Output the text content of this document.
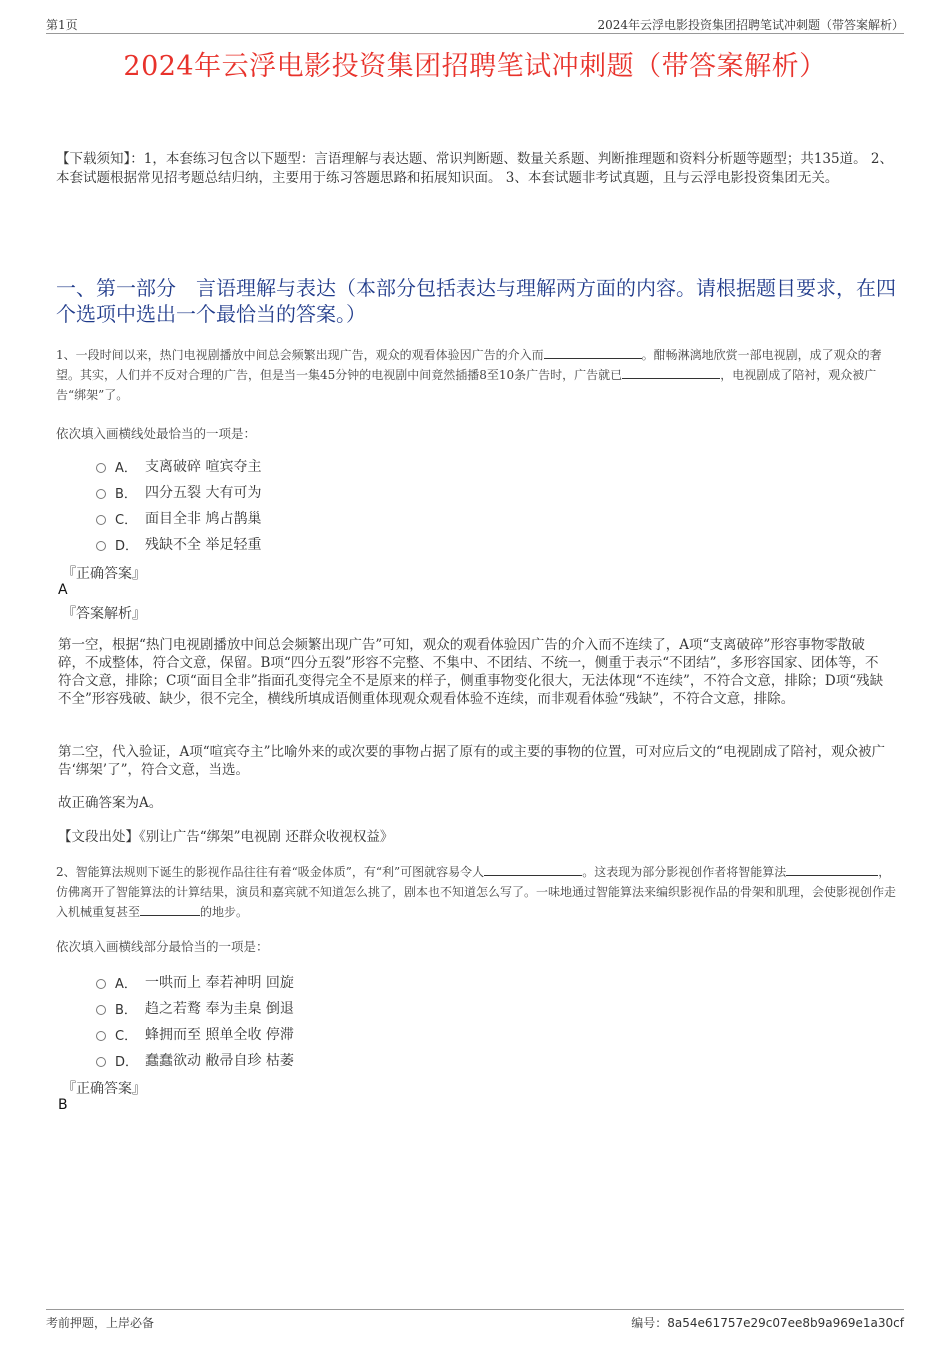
第1页	2024年云浮电影投资集团招聘笔试冲刺题（带答案解析）
2024年云浮电影投资集团招聘笔试冲刺题（带答案解析）
【下载须知】：1，本套练习包含以下题型：言语理解与表达题、常识判断题、数量关系题、判断推理题和资料分析题等题型；共135道。 2、本套试题根据常见招考题总结归纳，主要用于练习答题思路和拓展知识面。 3、本套试题非考试真题，且与云浮电影投资集团无关。
一、第一部分　言语理解与表达（本部分包括表达与理解两方面的内容。请根据题目要求，在四个选项中选出一个最恰当的答案。）
1、一段时间以来，热门电视剧播放中间总会频繁出现广告，观众的观看体验因广告的介入而	。酣畅淋漓地欣赏一部电视剧，成了观众的奢望。其实，人们并不反对合理的广告，但是当一集45分钟的电视剧中间竟然插播8至10条广告时，广告就已	，电视剧成了陪衬，观众被广告“绑架”了。
依次填入画横线处最恰当的一项是：
A． 支离破碎 喧宾夺主
B． 四分五裂 大有可为
C． 面目全非 鸠占鹊巢
D． 残缺不全 举足轻重
『正确答案』
A
『答案解析』
第一空，根据“热门电视剧播放中间总会频繁出现广告”可知，观众的观看体验因广告的介入而不连续了，A项“支离破碎”形容事物零散破碎，不成整体，符合文意，保留。B项“四分五裂”形容不完整、不集中、不团结、不统一，侧重于表示“不团结”，多形容国家、团体等，不符合文意，排除；C项“面目全非”指面孔变得完全不是原来的样子，侧重事物变化很大，无法体现“不连续”，不符合文意，排除；D项“残缺不全”形容残破、缺少，很不完全，横线所填成语侧重体现观众观看体验不连续，而非观看体验“残缺”，不符合文意，排除。
第二空，代入验证，A项“喧宾夺主”比喻外来的或次要的事物占据了原有的或主要的事物的位置，可对应后文的“电视剧成了陪衬，观众被广告‘绑架’了”，符合文意，当选。
故正确答案为A。
【文段出处】《别让广告“绑架”电视剧 还群众收视权益》
2、智能算法规则下诞生的影视作品往往有着“吸金体质”，有“利”可图就容易令人	。这表现为部分影视创作者将智能算法	，仿佛离开了智能算法的计算结果，演员和嘉宾就不知道怎么挑了，剧本也不知道怎么写了。一味地通过智能算法来编织影视作品的骨架和肌理，会使影视创作走入机械重复甚至	的地步。
依次填入画横线部分最恰当的一项是：
A． 一哄而上 奉若神明 回旋
B． 趋之若鹜 奉为圭臬 倒退
C． 蜂拥而至 照单全收 停滞
D． 蠢蠢欲动 敝帚自珍 枯萎
『正确答案』
B
考前押题，上岸必备	编号：8a54e61757e29c07ee8b9a969e1a30cf
